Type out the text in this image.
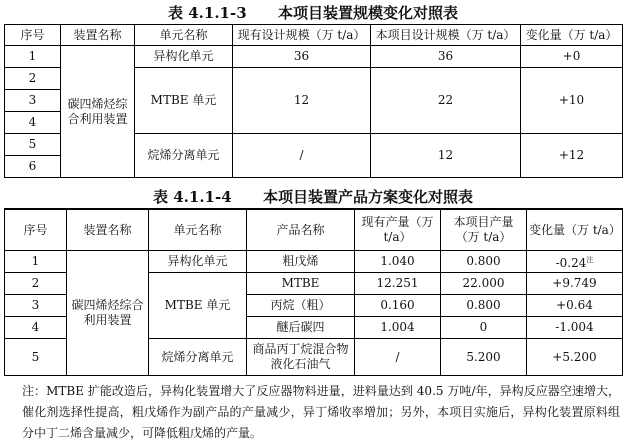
表 4.1.1-3      本项目装置规模变化对照表
序号	装置名称	单元名称	现有设计规模（万 t/a）	本项目设计规模（万 t/a）	变化量（万 t/a）
1	碳四烯烃综合利用装置	异构化单元	36	36	+0
2		MTBE 单元	12	22	+10
3					
4					
5		烷烯分离单元	/	12	+12
6					
表 4.1.1-4      本项目装置产品方案变化对照表
序号	装置名称	单元名称	产品名称	现有产量（万 t/a）	本项目产量（万 t/a）	变化量（万 t/a）
1	碳四烯烃综合利用装置	异构化单元	粗戊烯	1.040	0.800	-0.24$^注$
2		MTBE 单元	MTBE	12.251	22.000	+9.749
3			丙烷（粗）	0.160	0.800	+0.64
4			醚后碳四	1.004	0	-1.004
5		烷烯分离单元	商品丙丁烷混合物液化石油气	/	5.200	+5.200
注：MTBE 扩能改造后，异构化装置增大了反应器物料进量，进料量达到 40.5 万吨/年，异构反应器空速增大，催化剂选择性提高，粗戊烯作为副产品的产量减少，异丁烯收率增加；另外，本项目实施后，异构化装置原料组分中丁二烯含量减少，可降低粗戊烯的产量。
